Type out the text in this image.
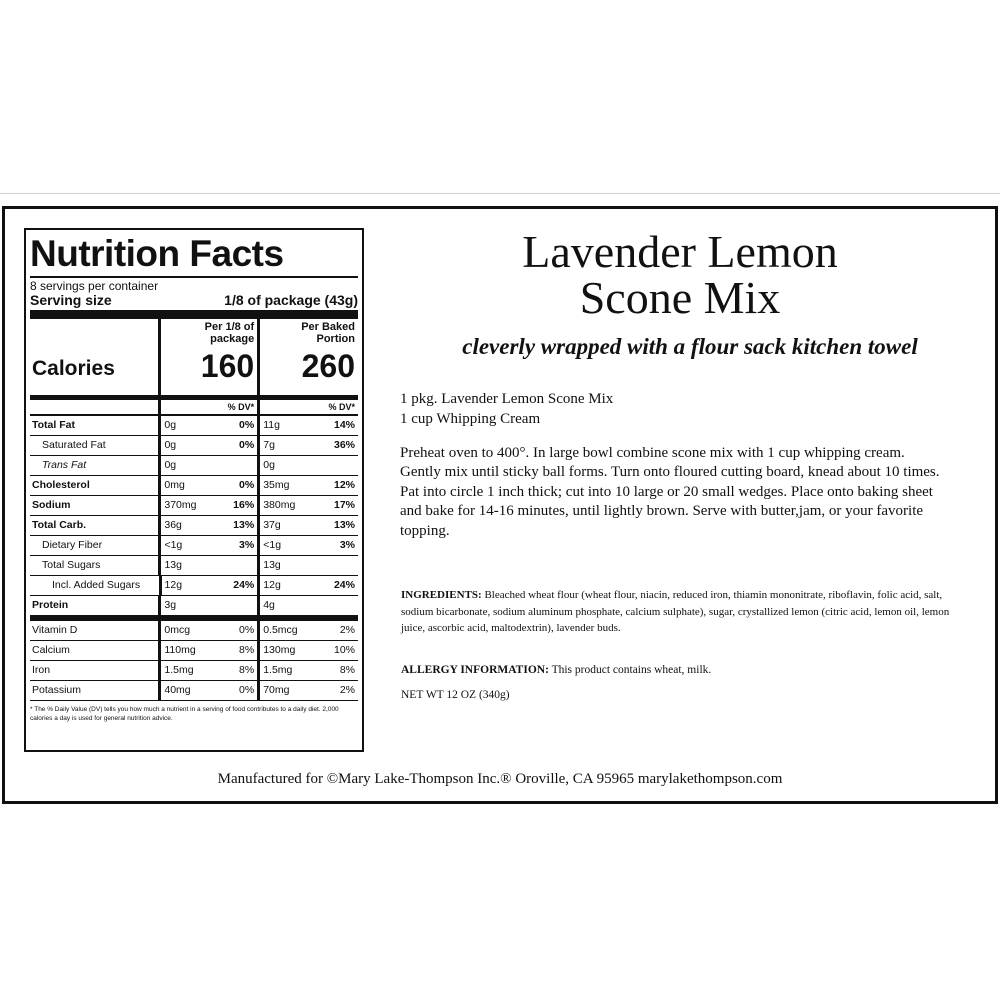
Nutrition Facts
8 servings per container
Serving size	1/8 of package (43g)
Calories
Per 1/8 of package
160
Per Baked Portion
260
% DV*	% DV*
Total Fat	0g	0% 11g	14%
Saturated Fat	0g	0% 7g	36%
Trans Fat	0g	0g
Cholesterol	0mg	0% 35mg	12%
Sodium	370mg	16% 380mg	17%
Total Carb.	36g	13% 37g	13%
Dietary Fiber	<1g	3% <1g	3%
Total Sugars	13g	13g
Incl. Added Sugars	12g	24% 12g	24%
Protein	3g	4g
Vitamin D	0mcg	0% 0.5mcg	2%
Calcium	110mg	8% 130mg	10%
Iron	1.5mg	8% 1.5mg	8%
Potassium	40mg	0% 70mg	2%
* The % Daily Value (DV) tells you how much a nutrient in a serving of food contributes to a daily diet. 2,000 calories a day is used for general nutrition advice.
Lavender Lemon
Scone Mix
cleverly wrapped with a flour sack kitchen towel
1 pkg. Lavender Lemon Scone Mix
1 cup Whipping Cream
Preheat oven to 400°. In large bowl combine scone mix with 1 cup whipping cream. Gently mix until sticky ball forms. Turn onto floured cutting board, knead about 10 times. Pat into circle 1 inch thick; cut into 10 large or 20 small wedges. Place onto baking sheet and bake for 14-16 minutes, until lightly brown. Serve with butter,jam, or your favorite topping.
INGREDIENTS: Bleached wheat flour (wheat flour, niacin, reduced iron, thiamin mononitrate, riboflavin, folic acid, salt, sodium bicarbonate, sodium aluminum phosphate, calcium sulphate), sugar, crystallized lemon (citric acid, lemon oil, lemon juice, ascorbic acid, maltodextrin), lavender buds.
ALLERGY INFORMATION: This product contains wheat, milk.
NET WT 12 OZ (340g)
Manufactured for ©Mary Lake-Thompson Inc.® Oroville, CA 95965 marylakethompson.com
